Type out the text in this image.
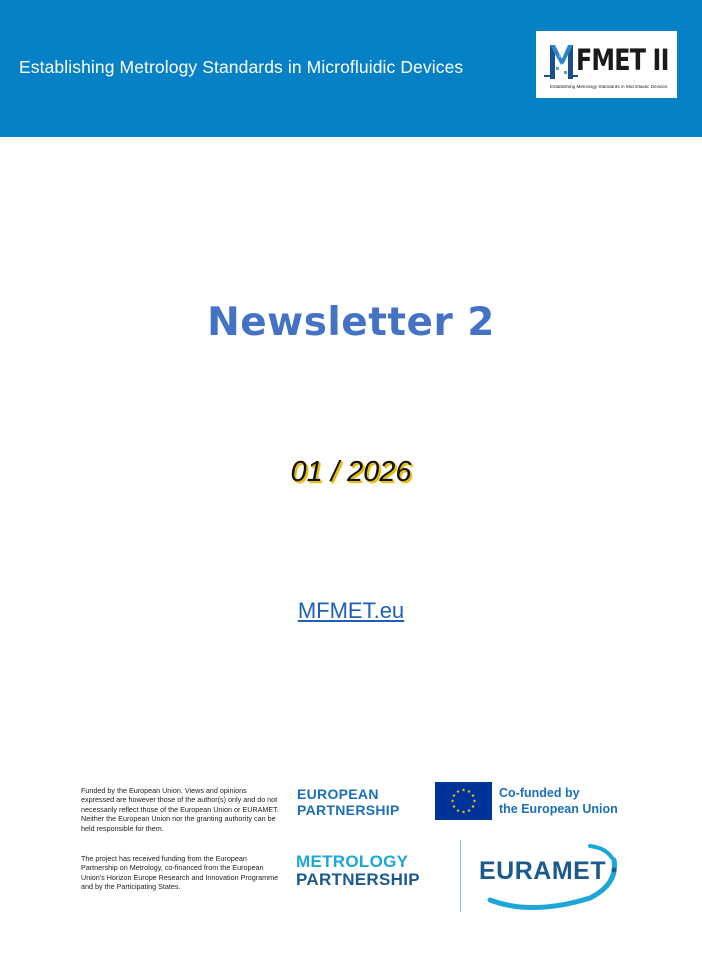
Establishing Metrology Standards in Microfluidic Devices	FMET II
Establishing Metrology Standards in Microfluidic Devices
Newsletter 2
01 / 2026
MFMET.eu
Funded by the European Union. Views and opinions expressed are however those of the author(s) only and do not necessarily reflect those of the European Union or EURAMET. Neither the European Union nor the granting authority can be held responsible for them.
The project has received funding from the European Partnership on Metrology, co-financed from the European Union's Horizon Europe Research and Innovation Programme and by the Participating States.
EUROPEAN
PARTNERSHIP
Co-funded by
the European Union
METROLOGY
PARTNERSHIP EURAMET
